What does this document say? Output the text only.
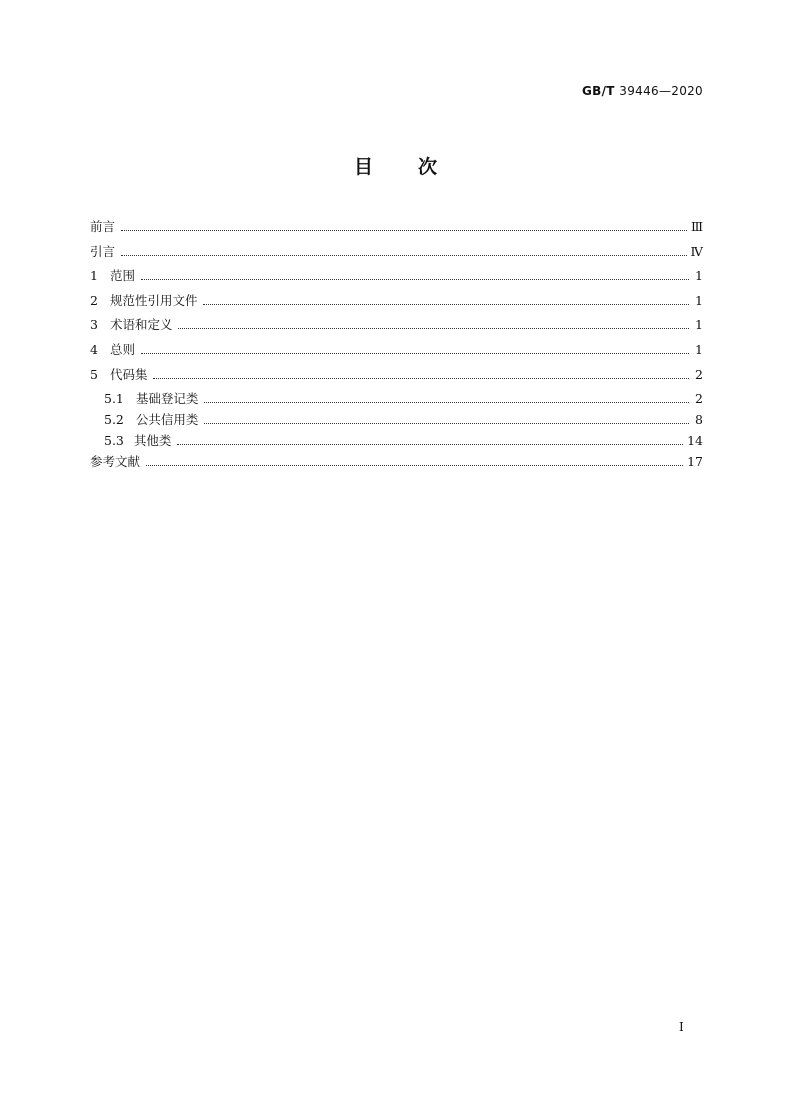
GB/T 39446—2020
目 次
前言	Ⅲ
引言	Ⅳ
1 范围	1
2 规范性引用文件	1
3 术语和定义	1
4 总则	1
5 代码集	2
5.1 基础登记类	2
5.2 公共信用类	8
5.3 其他类	14
参考文献	17
Ⅰ
